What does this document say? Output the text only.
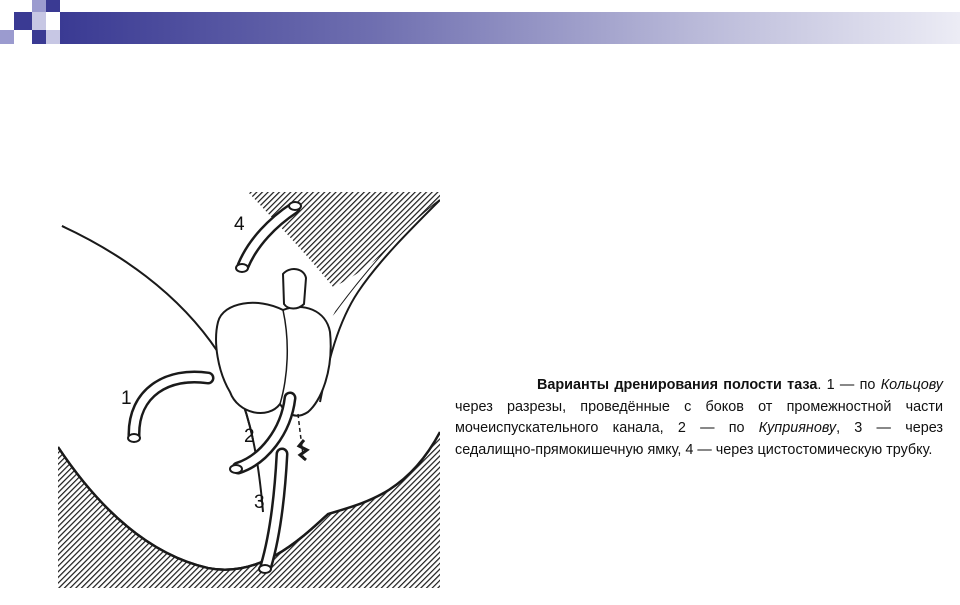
1
2
3
4

Варианты дренирования полости таза. 1 — по Кольцову через разрезы, проведённые с боков от промежностной части мочеиспускательного канала, 2 — по Куприянову, 3 — через седалищно-прямокишечную ямку, 4 — через цистостомическую трубку.
